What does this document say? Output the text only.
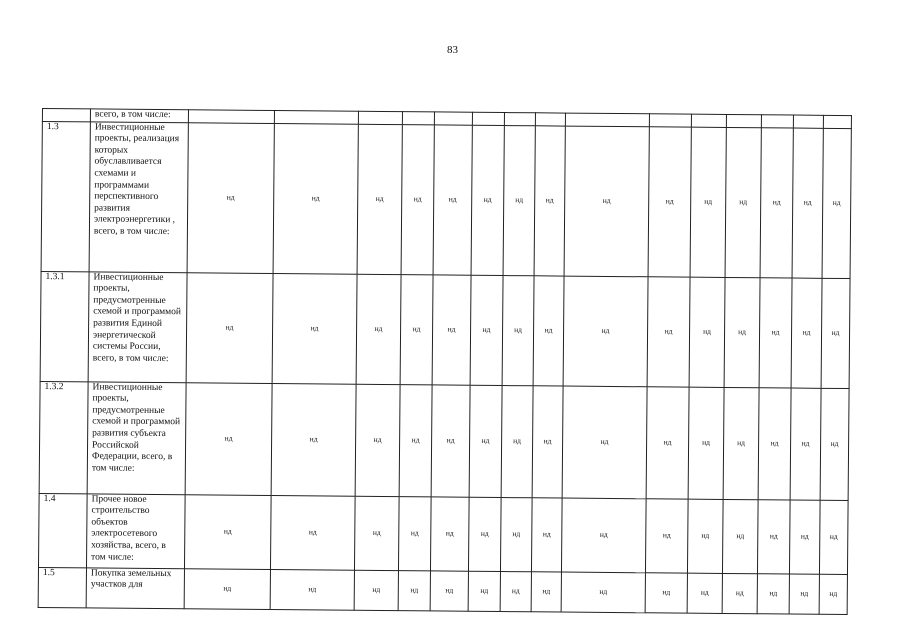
83
	всего, в том числе:															
1.3	Инвестиционные проекты, реализация которых обуславливается схемами и программами перспективного развития электроэнергетики , всего, в том числе:	нд	нд	нд	нд	нд	нд	нд	нд	нд	нд	нд	нд	нд	нд	нд
1.3.1	Инвестиционные проекты, предусмотренные схемой и программой развития Единой энергетической системы России, всего, в том числе:	нд	нд	нд	нд	нд	нд	нд	нд	нд	нд	нд	нд	нд	нд	нд
1.3.2	Инвестиционные проекты, предусмотренные схемой и программой развития субъекта Российской Федерации, всего, в том числе:	нд	нд	нд	нд	нд	нд	нд	нд	нд	нд	нд	нд	нд	нд	нд
1.4	Прочее новое строительство объектов электросетевого хозяйства, всего, в том числе:	нд	нд	нд	нд	нд	нд	нд	нд	нд	нд	нд	нд	нд	нд	нд
1.5	Покупка земельных участков для	нд	нд	нд	нд	нд	нд	нд	нд	нд	нд	нд	нд	нд	нд	нд
